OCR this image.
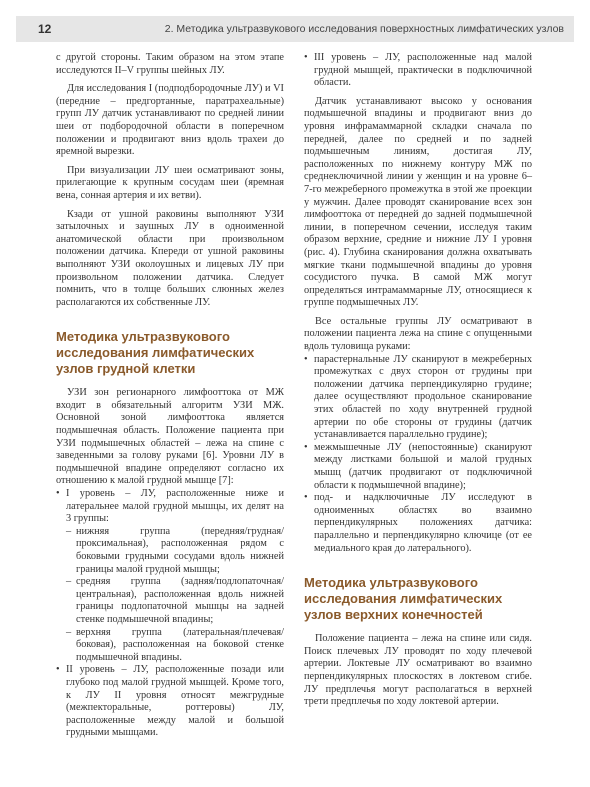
12	2. Методика ультразвукового исследования поверхностных лимфатических узлов

с другой стороны. Таким образом на этом этапе исследуются II–V группы шейных ЛУ.

Для исследования I (подподбородочные ЛУ) и VI (передние – предгортанные, паратрахеальные) групп ЛУ датчик устанавливают по средней линии шеи от подбородочной области в поперечном положении и продвигают вниз вдоль трахеи до яремной вырезки.

При визуализации ЛУ шеи осматривают зоны, прилегающие к крупным сосудам шеи (яремная вена, сонная артерия и их ветви).

Кзади от ушной раковины выполняют УЗИ затылочных и заушных ЛУ в одноименной анатомической области при произвольном положении датчика. Кпереди от ушной раковины выполняют УЗИ околоушных и лицевых ЛУ при произвольном положении датчика. Следует помнить, что в толще больших слюнных желез располагаются их собственные ЛУ.

Методика ультразвукового исследования лимфатических узлов грудной клетки

УЗИ зон регионарного лимфооттока от МЖ входит в обязательный алгоритм УЗИ МЖ. Основной зоной лимфооттока является подмышечная область. Положение пациента при УЗИ подмышечных областей – лежа на спине с заведенными за голову руками [6]. Уровни ЛУ в подмышечной впадине определяют согласно их отношению к малой грудной мышце [7]:

• I уровень – ЛУ, расположенные ниже и латеральнее малой грудной мышцы, их делят на 3 группы:
– нижняя группа (передняя/грудная/проксимальная), расположенная рядом с боковыми грудными сосудами вдоль нижней границы малой грудной мышцы;
– средняя группа (задняя/подлопаточная/центральная), расположенная вдоль нижней границы подлопаточной мышцы на задней стенке подмышечной впадины;
– верхняя группа (латеральная/плечевая/боковая), расположенная на боковой стенке подмышечной впадины.
• II уровень – ЛУ, расположенные позади или глубоко под малой грудной мышцей. Кроме того, к ЛУ II уровня относят межгрудные (межпекторальные, роттеровы) ЛУ, расположенные между малой и большой грудными мышцами.
• III уровень – ЛУ, расположенные над малой грудной мышцей, практически в подключичной области.

Датчик устанавливают высоко у основания подмышечной впадины и продвигают вниз до уровня инфрамаммарной складки сначала по передней, далее по средней и по задней подмышечным линиям, достигая ЛУ, расположенных по нижнему контуру МЖ по среднеключичной линии у женщин и на уровне 6–7-го межреберного промежутка в этой же проекции у мужчин. Далее проводят сканирование всех зон лимфооттока от передней до задней подмышечной линии, в поперечном сечении, исследуя таким образом верхние, средние и нижние ЛУ I уровня (рис. 4). Глубина сканирования должна охватывать мягкие ткани подмышечной впадины до уровня сосудистого пучка. В самой МЖ могут определяться интрамаммарные ЛУ, относящиеся к группе подмышечных ЛУ.

Все остальные группы ЛУ осматривают в положении пациента лежа на спине с опущенными вдоль туловища руками:

• парастернальные ЛУ сканируют в межреберных промежутках с двух сторон от грудины при положении датчика перпендикулярно грудине; далее осуществляют продольное сканирование этих областей по ходу внутренней грудной артерии по обе стороны от грудины (датчик устанавливается параллельно грудине);
• межмышечные ЛУ (непостоянные) сканируют между листками большой и малой грудных мышц (датчик продвигают от подключичной области к подмышечной впадине);
• под- и надключичные ЛУ исследуют в одноименных областях во взаимно перпендикулярных положениях датчика: параллельно и перпендикулярно ключице (от ее медиального края до латерального).
Методика ультразвукового исследования лимфатических узлов верхних конечностей

Положение пациента – лежа на спине или сидя. Поиск плечевых ЛУ проводят по ходу плечевой артерии. Локтевые ЛУ осматривают во взаимно перпендикулярных плоскостях в локтевом сгибе. ЛУ предплечья могут располагаться в верхней трети предплечья по ходу локтевой артерии.
